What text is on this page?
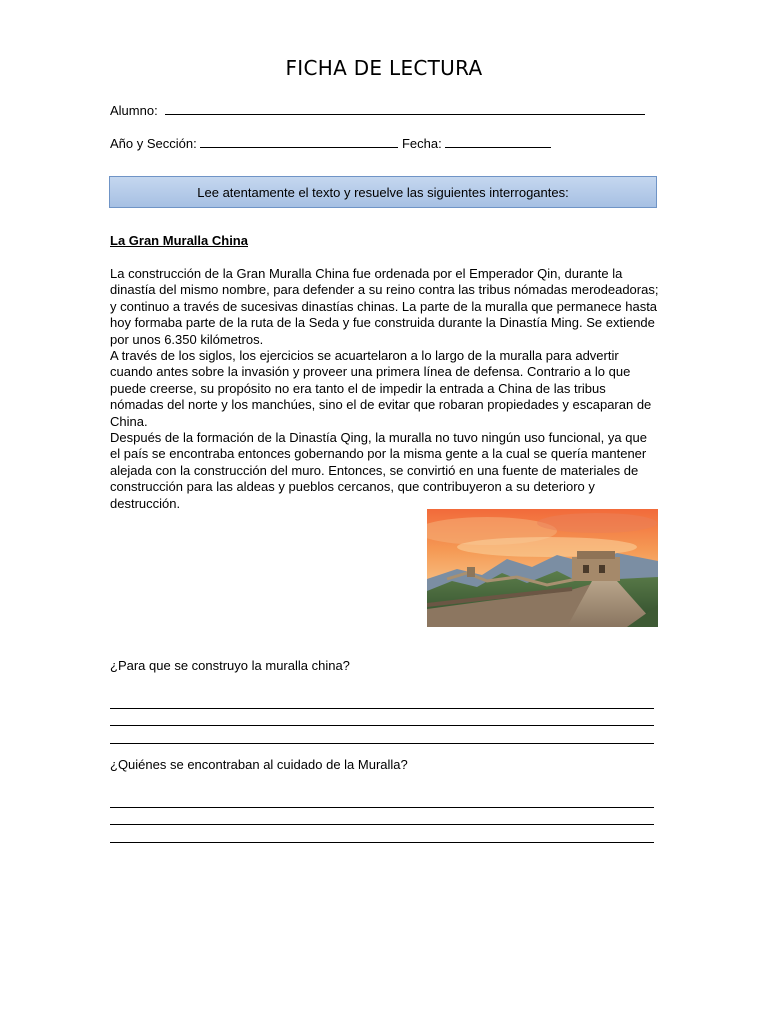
FICHA DE LECTURA
Alumno:
Año y Sección:	Fecha:
Lee atentamente el texto y resuelve las siguientes interrogantes:
La Gran Muralla China

La construcción de la Gran Muralla China fue ordenada por el Emperador Qin, durante la dinastía del mismo nombre, para defender a su reino contra las tribus nómadas merodeadoras; y continuo a través de sucesivas dinastías chinas. La parte de la muralla que permanece hasta hoy formaba parte de la ruta de la Seda y fue construida durante la Dinastía Ming. Se extiende por unos 6.350 kilómetros.

A través de los siglos, los ejercicios se acuartelaron a lo largo de la muralla para advertir cuando antes sobre la invasión y proveer una primera línea de defensa. Contrario a lo que puede creerse, su propósito no era tanto el de impedir la entrada a China de las tribus nómadas del norte y los manchúes, sino el de evitar que robaran propiedades y escaparan de China.

Después de la formación de la Dinastía Qing, la muralla no tuvo ningún uso funcional, ya que el país se encontraba entonces gobernando por la misma gente a la cual se quería mantener alejada con la construcción del muro. Entonces, se convirtió en una fuente de materiales de construcción para las aldeas y pueblos cercanos, que contribuyeron a su deterioro y destrucción.

¿Para que se construyo la muralla china?
¿Quiénes se encontraban al cuidado de la Muralla?
